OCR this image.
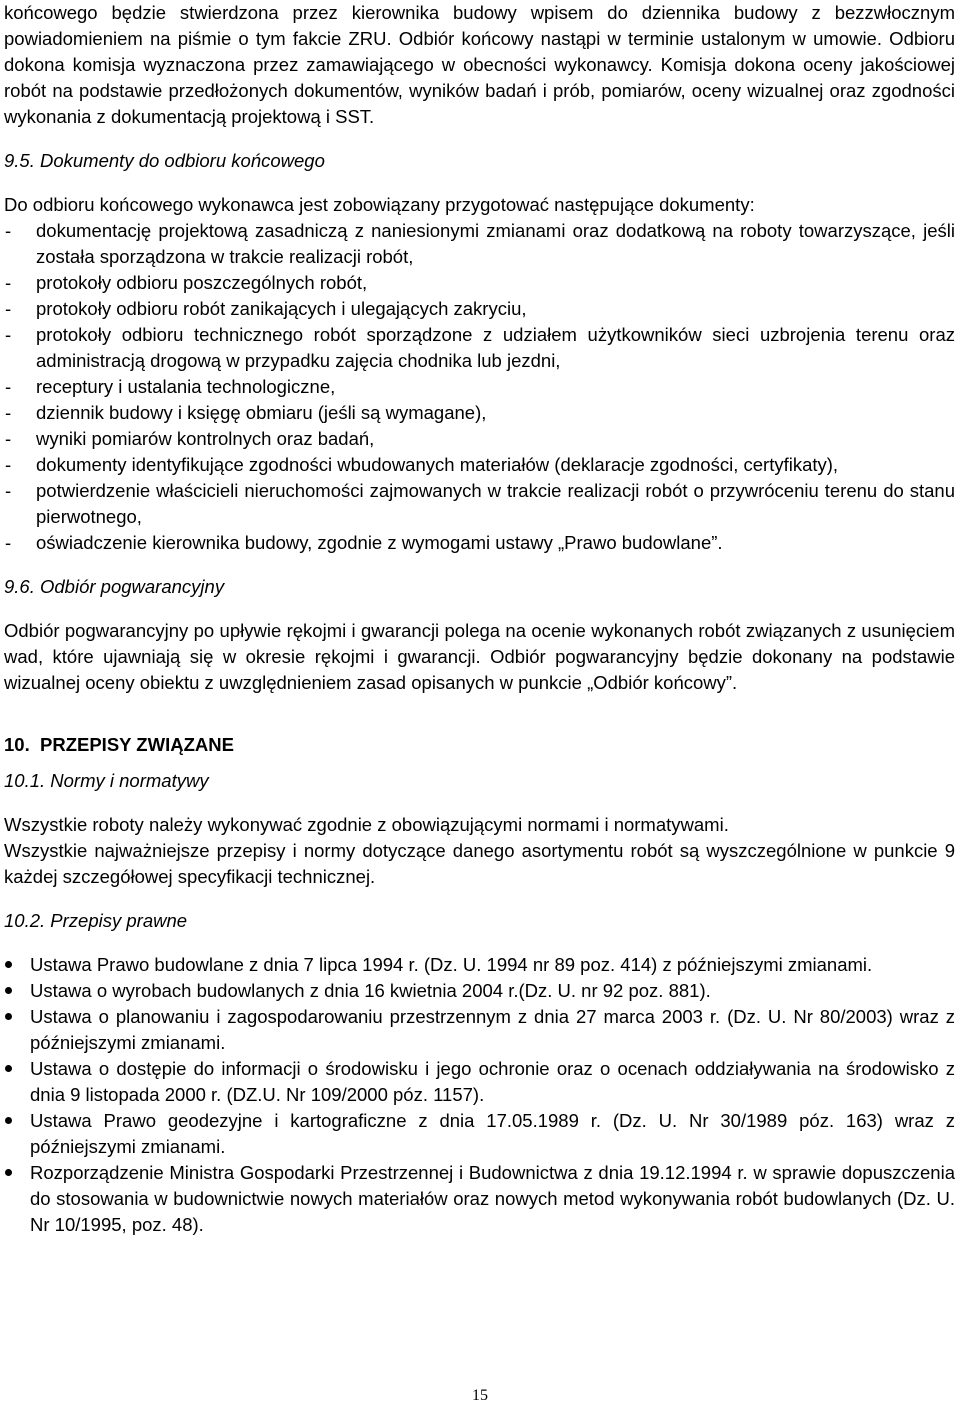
końcowego będzie stwierdzona przez kierownika budowy wpisem do dziennika budowy z bezzwłocznym powiadomieniem na piśmie o tym fakcie ZRU. Odbiór końcowy nastąpi w terminie ustalonym w umowie. Odbioru dokona komisja wyznaczona przez zamawiającego w obecności wykonawcy. Komisja dokona oceny jakościowej robót na podstawie przedłożonych dokumentów, wyników badań i prób, pomiarów, oceny wizualnej oraz zgodności wykonania z dokumentacją projektową i SST.

9.5. Dokumenty do odbioru końcowego

Do odbioru końcowego wykonawca jest zobowiązany przygotować następujące dokumenty:

- dokumentację projektową zasadniczą z naniesionymi zmianami oraz dodatkową na roboty towarzyszące, jeśli została sporządzona w trakcie realizacji robót,
- protokoły odbioru poszczególnych robót,
- protokoły odbioru robót zanikających i ulegających zakryciu,
- protokoły odbioru technicznego robót sporządzone z udziałem użytkowników sieci uzbrojenia terenu oraz administracją drogową w przypadku zajęcia chodnika lub jezdni,
- receptury i ustalania technologiczne,
- dziennik budowy i księgę obmiaru (jeśli są wymagane),
- wyniki pomiarów kontrolnych oraz badań,
- dokumenty identyfikujące zgodności wbudowanych materiałów (deklaracje zgodności, certyfikaty),
- potwierdzenie właścicieli nieruchomości zajmowanych w trakcie realizacji robót o przywróceniu terenu do stanu pierwotnego,
- oświadczenie kierownika budowy, zgodnie z wymogami ustawy „Prawo budowlane”.

9.6. Odbiór pogwarancyjny

Odbiór pogwarancyjny po upływie rękojmi i gwarancji polega na ocenie wykonanych robót związanych z usunięciem wad, które ujawniają się w okresie rękojmi i gwarancji. Odbiór pogwarancyjny będzie dokonany na podstawie wizualnej oceny obiektu z uwzględnieniem zasad opisanych w punkcie „Odbiór końcowy”.

10. PRZEPISY ZWIĄZANE

10.1. Normy i normatywy

Wszystkie roboty należy wykonywać zgodnie z obowiązującymi normami i normatywami.

Wszystkie najważniejsze przepisy i normy dotyczące danego asortymentu robót są wyszczególnione w punkcie 9 każdej szczegółowej specyfikacji technicznej.

10.2. Przepisy prawne

Ustawa Prawo budowlane z dnia 7 lipca 1994 r. (Dz. U. 1994 nr 89 poz. 414) z późniejszymi zmianami.
Ustawa o wyrobach budowlanych z dnia 16 kwietnia 2004 r.(Dz. U. nr 92 poz. 881).
Ustawa o planowaniu i zagospodarowaniu przestrzennym z dnia 27 marca 2003 r. (Dz. U. Nr 80/2003) wraz z późniejszymi zmianami.
Ustawa o dostępie do informacji o środowisku i jego ochronie oraz o ocenach oddziaływania na środowisko z dnia 9 listopada 2000 r. (DZ.U. Nr 109/2000 póz. 1157).
Ustawa Prawo geodezyjne i kartograficzne z dnia 17.05.1989 r. (Dz. U. Nr 30/1989 póz. 163) wraz z późniejszymi zmianami.
Rozporządzenie Ministra Gospodarki Przestrzennej i Budownictwa z dnia 19.12.1994 r. w sprawie dopuszczenia do stosowania w budownictwie nowych materiałów oraz nowych metod wykonywania robót budowlanych (Dz. U. Nr 10/1995, poz. 48).
15
